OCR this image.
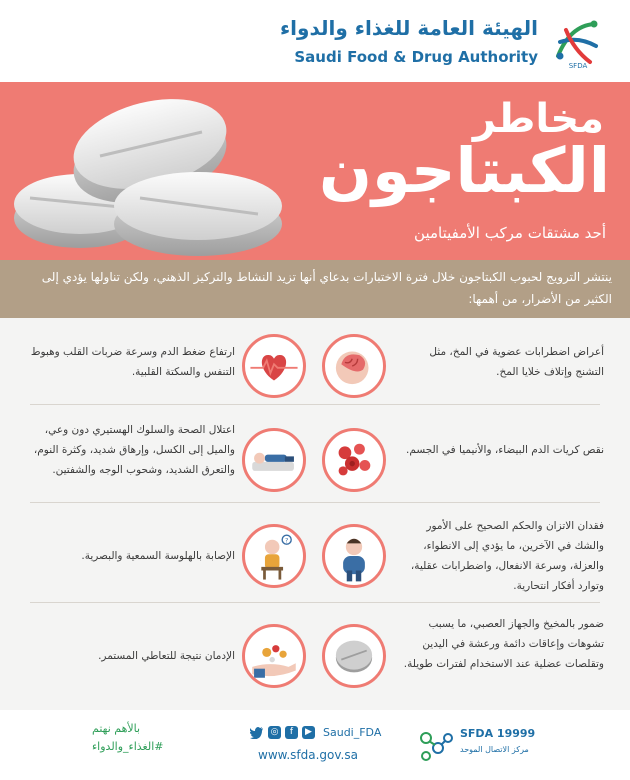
الهيئة العامة للغذاء والدواء
Saudi Food & Drug Authority	SFDA
مخاطر
الكبتاجون
أحد مشتقات مركب الأمفيتامين
ينتشر الترويج لحبوب الكبتاجون خلال فترة الاختبارات بدعاي أنها تزيد النشاط والتركيز الذهني، ولكن تناولها يؤدي إلى الكثير من الأضرار، من أهمها:
أعراض اضطرابات عضوية في المخ، مثل التشنج وإتلاف خلايا المخ.
ارتفاع ضغط الدم وسرعة ضربات القلب وهبوط التنفس والسكتة القلبية.
نقص كريات الدم البيضاء، والأنيميا في الجسم.
اعتلال الصحة والسلوك الهستيري دون وعي، والميل إلى الكسل، وإرهاق شديد، وكثرة النوم، والتعرق الشديد، وشحوب الوجه والشفتين.
فقدان الاتزان والحكم الصحيح على الأمور والشك في الآخرين، ما يؤدي إلى الانطواء، والعزلة، وسرعة الانفعال، واضطرابات عقلية، وتوارد أفكار انتحارية.
?
الإصابة بالهلوسة السمعية والبصرية.
ضمور بالمخيخ والجهاز العصبي، ما يسبب تشوهات وإعاقات دائمة ورعشة في اليدين وتقلصات عضلية عند الاستخدام لفترات طويلة.
الإدمان نتيجة للتعاطي المستمر.
بالأهم نهتم
#الغذاء_والدواء
◎	f	▶ Saudi_FDA
www.sfda.gov.sa
SFDA 19999
مركز الاتصال الموحد
